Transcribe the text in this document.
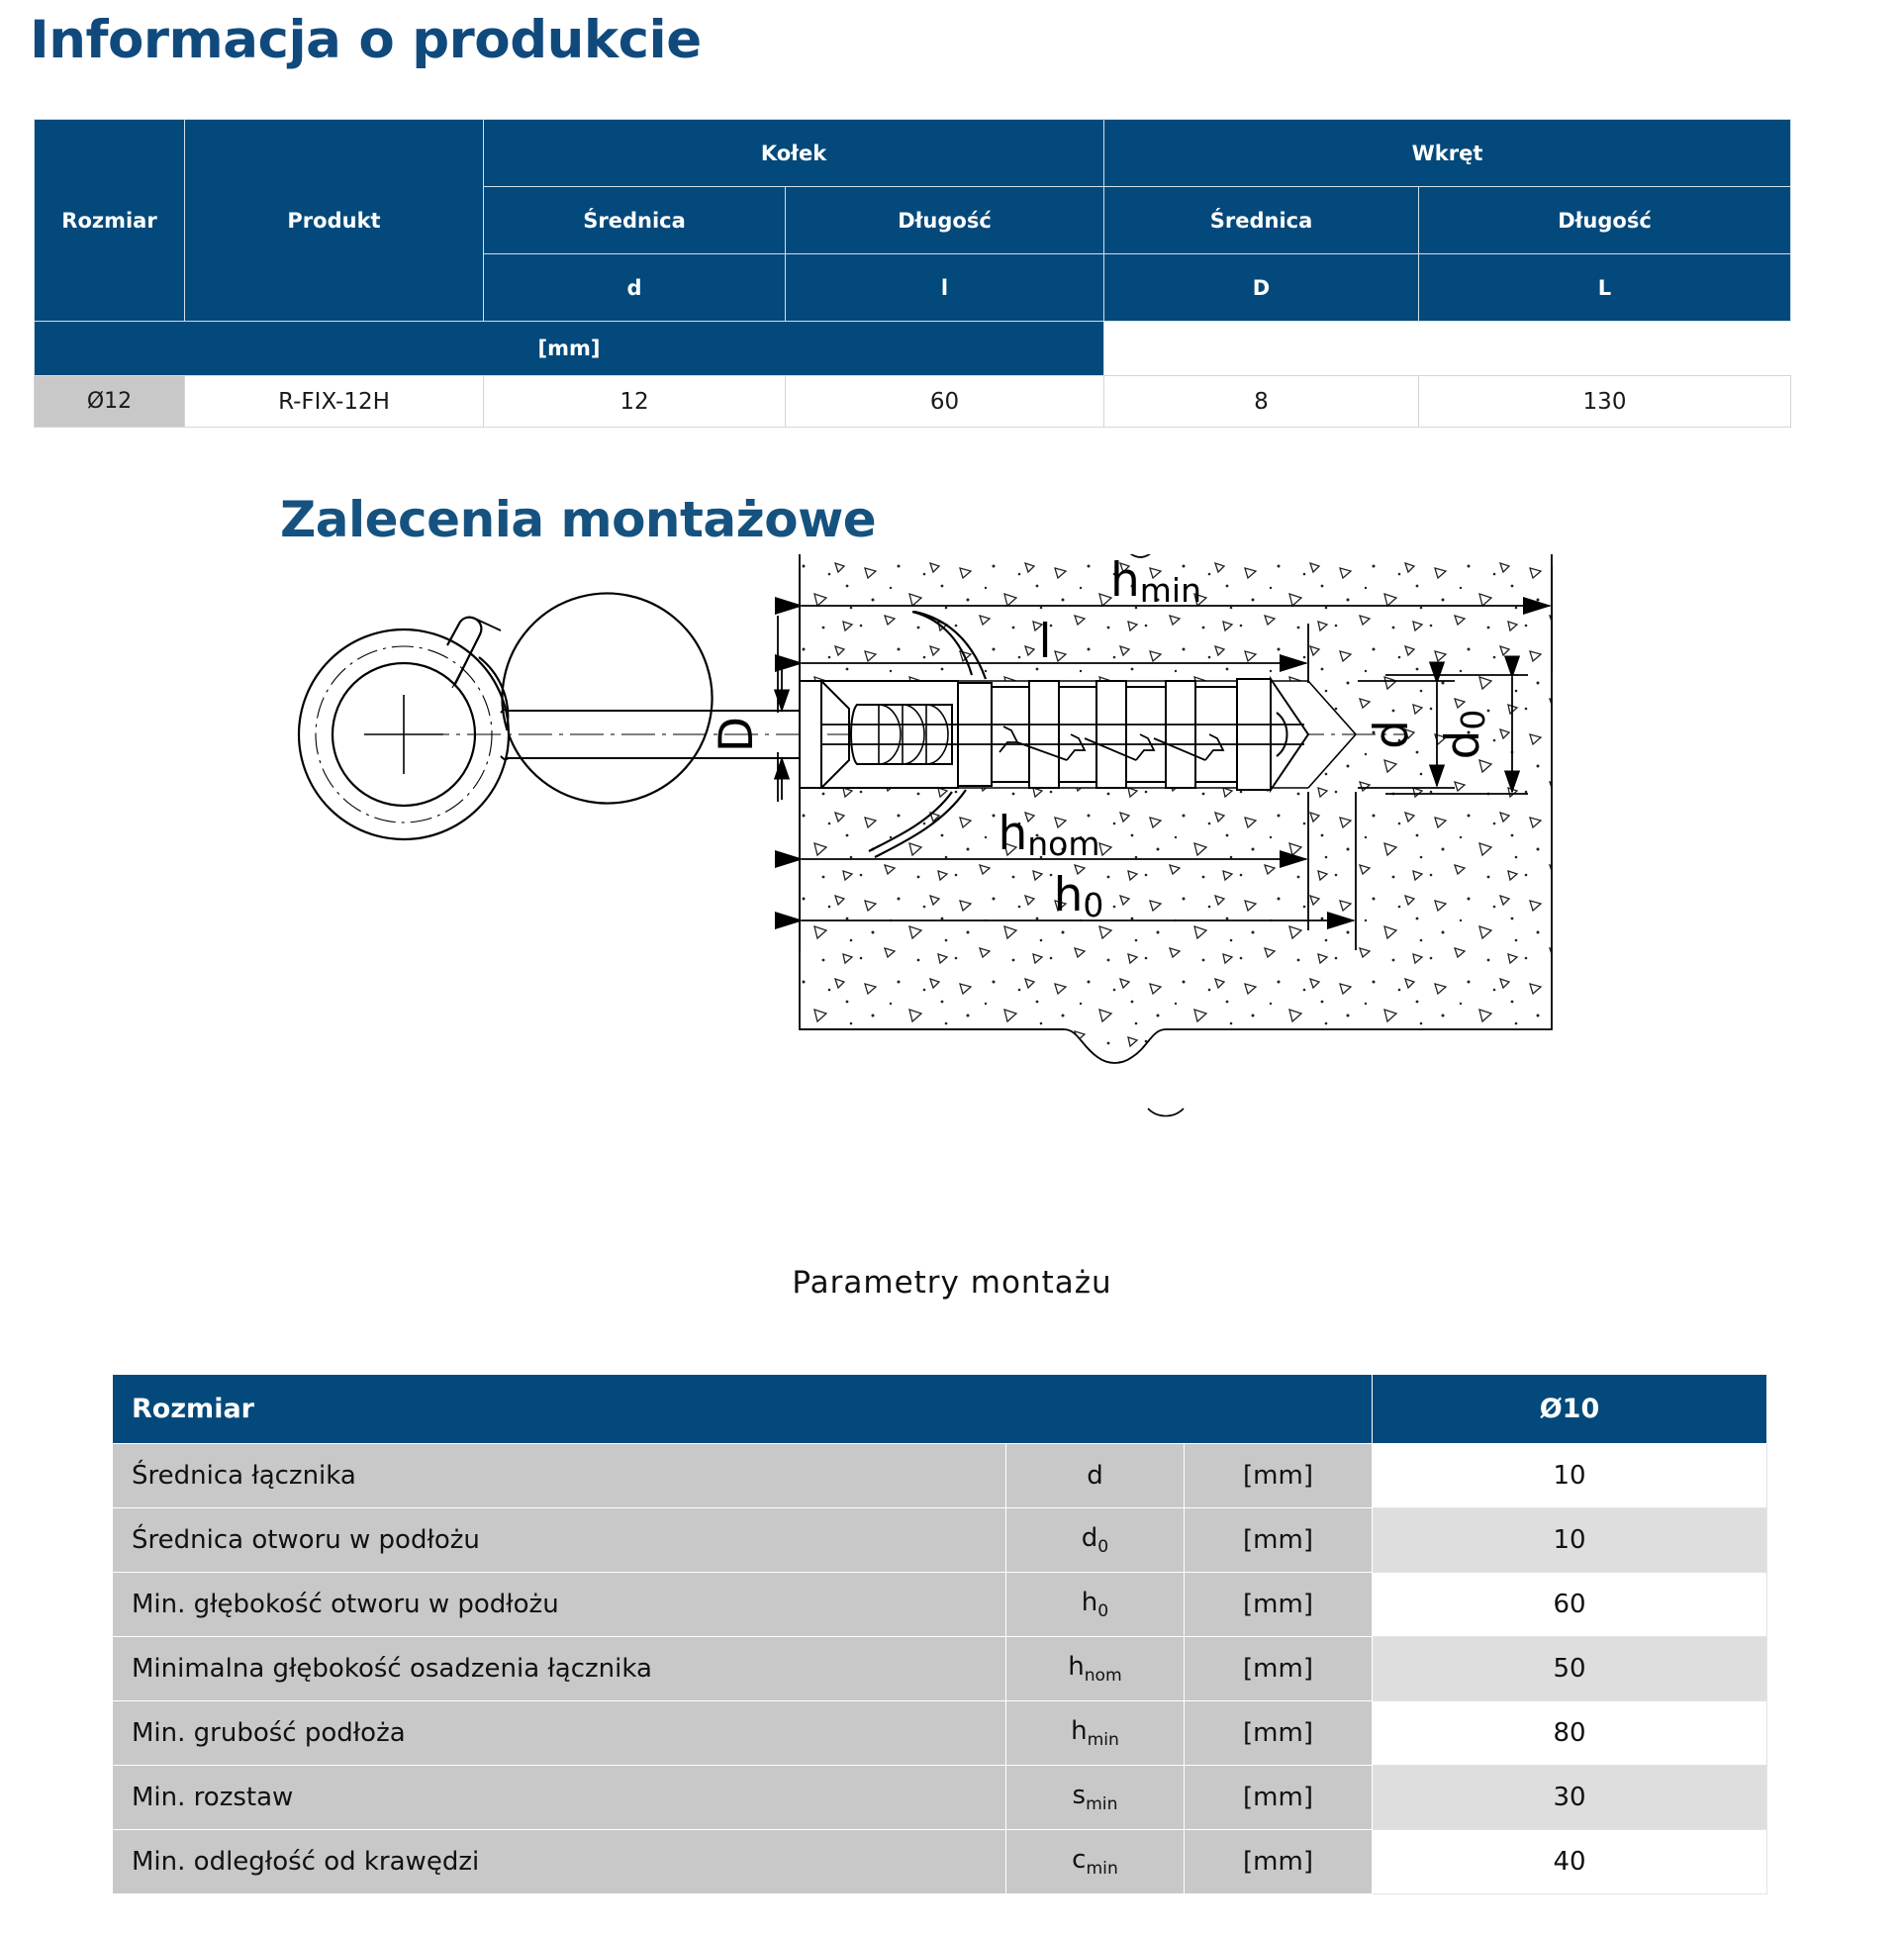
Informacja o produkcie
Rozmiar	Produkt	Kołek		Wkręt	
		Średnica	Długość	Średnica	Długość
		d	l	D	L
[mm]					
Ø12	R-FIX-12H	12	60	8	130
Zalecenia montażowe
hmin
l
D
hnom
h0
d d0
Parametry montażu
Rozmiar			Ø10
Średnica łącznika	d	[mm]	10
Średnica otworu w podłożu	$d_0$	[mm]	10
Min. głębokość otworu w podłożu	$h_0$	[mm]	60
Minimalna głębokość osadzenia łącznika	$h_{nom}$	[mm]	50
Min. grubość podłoża	$h_{min}$	[mm]	80
Min. rozstaw	$s_{min}$	[mm]	30
Min. odległość od krawędzi	$c_{min}$	[mm]	40
